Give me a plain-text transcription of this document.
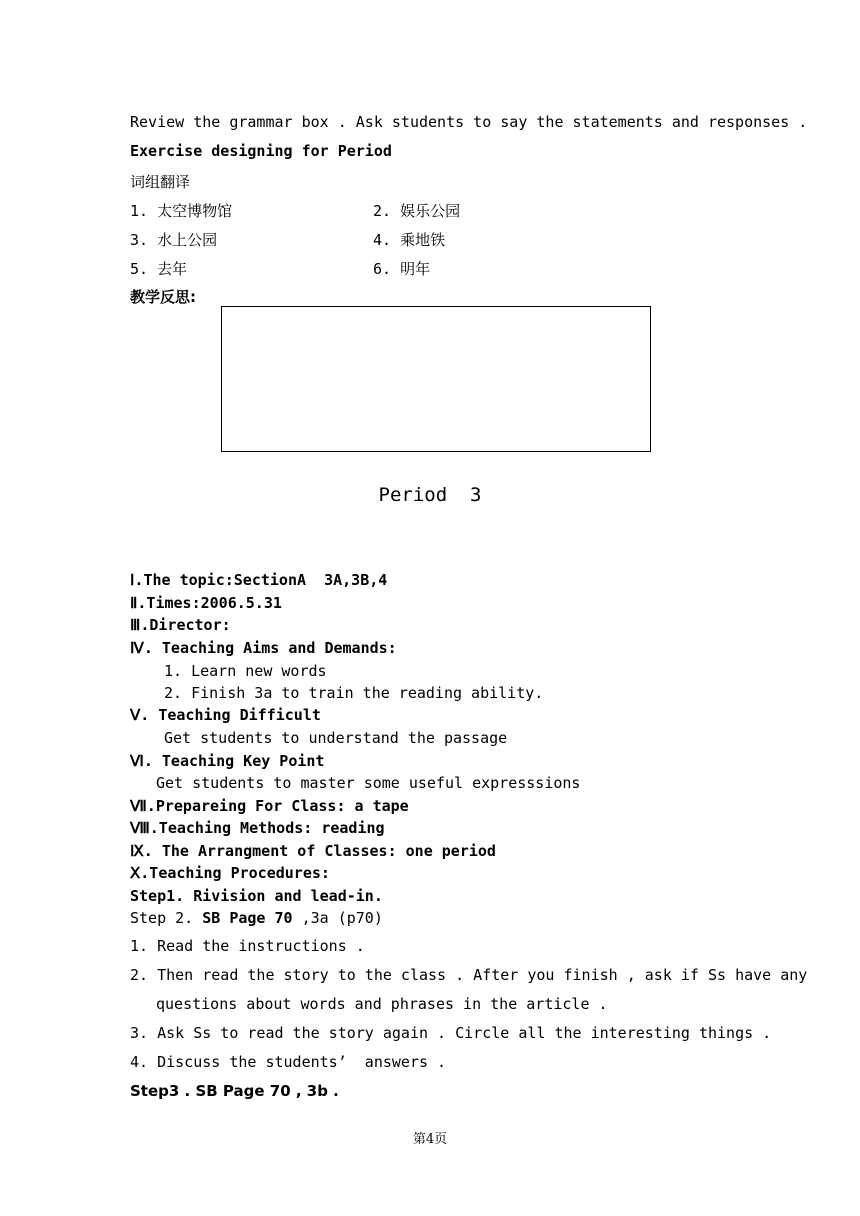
Review the grammar box . Ask students to say the statements and responses .
Exercise designing for Period
词组翻译
1. 太空博物馆	2. 娱乐公园
3. 水上公园	4. 乘地铁
5. 去年	6. 明年
教学反思:
Period  3
Ⅰ.The topic:SectionA  3A,3B,4
Ⅱ.Times:2006.5.31
Ⅲ.Director:
Ⅳ. Teaching Aims and Demands:
1. Learn new words
2. Finish 3a to train the reading ability.
Ⅴ. Teaching Difficult
Get students to understand the passage
Ⅵ. Teaching Key Point
Get students to master some useful expresssions
Ⅶ.Prepareing For Class: a tape
Ⅷ.Teaching Methods: reading
Ⅸ. The Arrangment of Classes: one period
Ⅹ.Teaching Procedures:
Step1. Rivision and lead-in.
Step 2. SB Page 70 ,3a (p70)
1. Read the instructions .
2. Then read the story to the class . After you finish , ask if Ss have any
questions about words and phrases in the article .
3. Ask Ss to read the story again . Circle all the interesting things .
4. Discuss the students’  answers .
Step3 . SB Page 70 , 3b .
第4页
